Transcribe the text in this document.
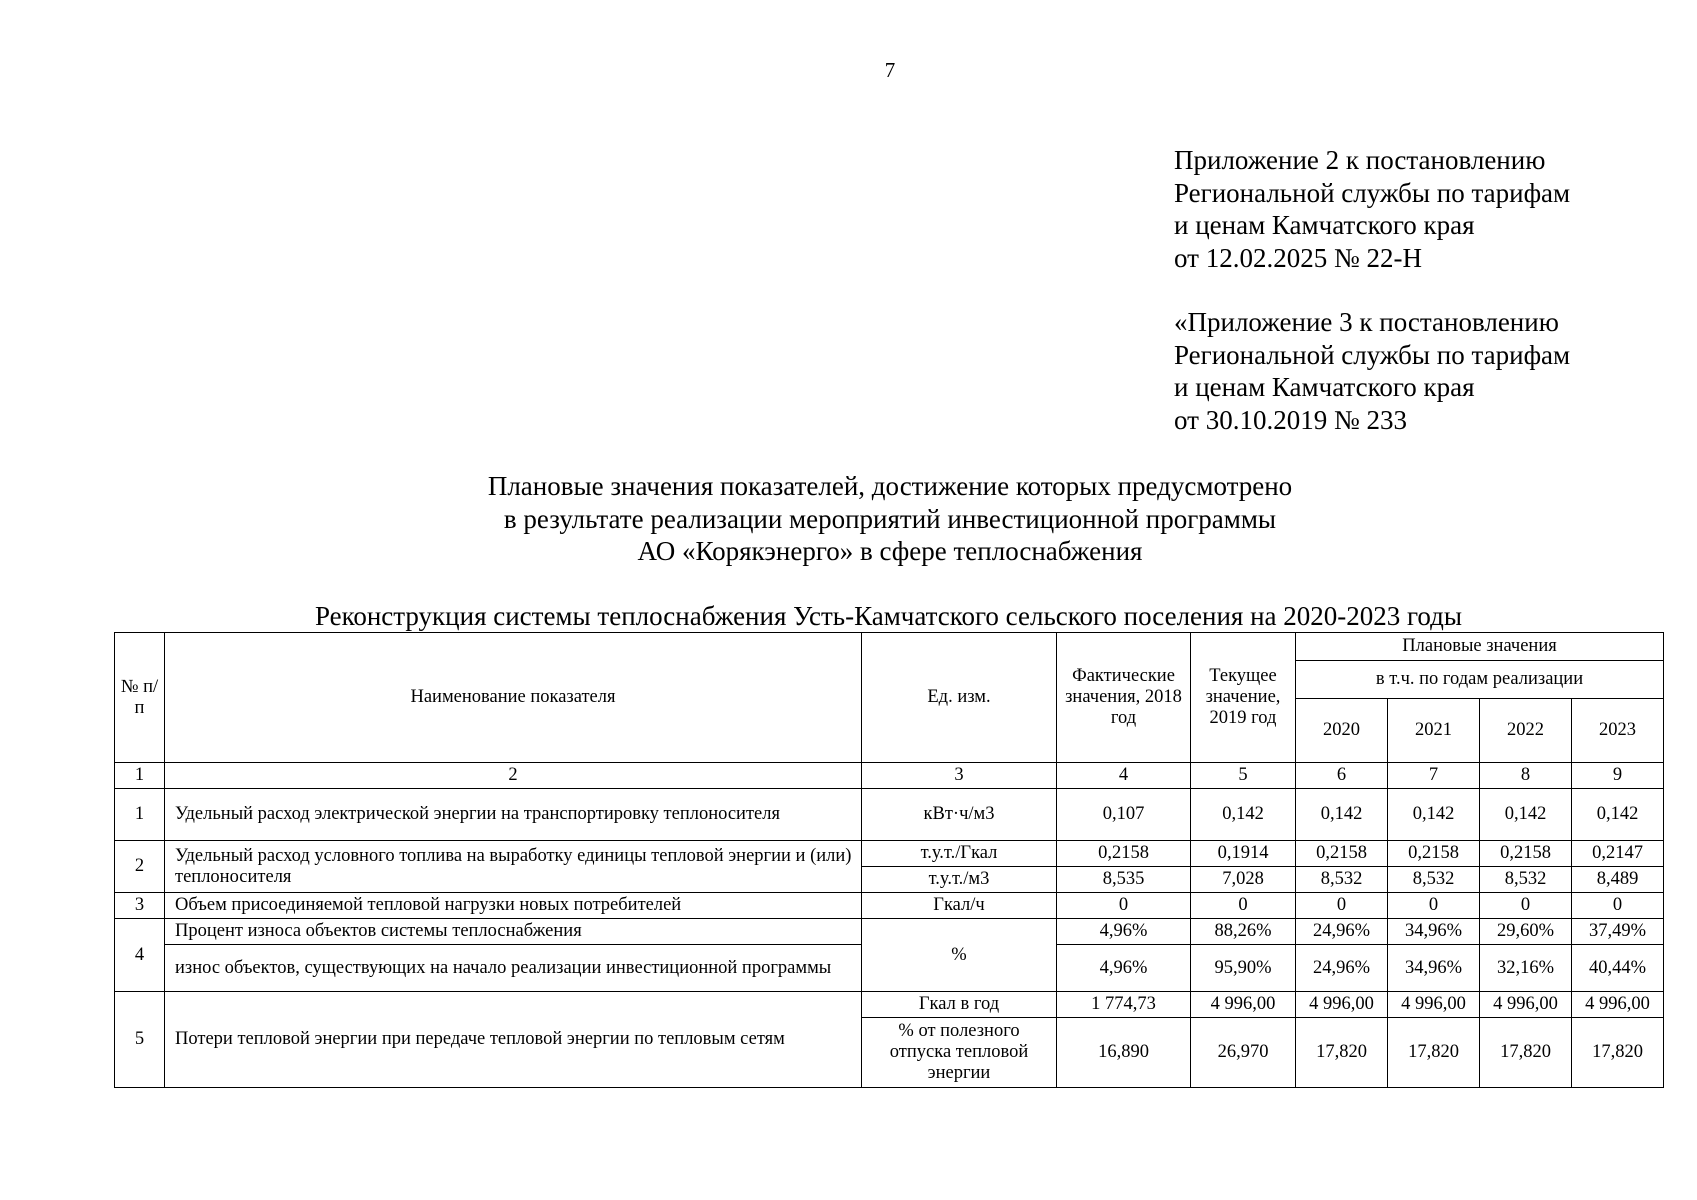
7
Приложение 2 к постановлению
Региональной службы по тарифам
и ценам Камчатского края
от 12.02.2025 № 22-Н
«Приложение 3 к постановлению
Региональной службы по тарифам
и ценам Камчатского края
от 30.10.2019 № 233
Плановые значения показателей, достижение которых предусмотрено
в результате реализации мероприятий инвестиционной программы
АО «Корякэнерго» в сфере теплоснабжения
Реконструкция системы теплоснабжения Усть-Камчатского сельского поселения на 2020-2023 годы
№ п/п	Наименование показателя	Ед. изм.	Фактические значения, 2018 год	Текущее значение, 2019 год	Плановые значения			
					в т.ч. по годам реализации			
					2020	2021	2022	2023
1	2	3	4	5	6	7	8	9
1	Удельный расход электрической энергии на транспортировку теплоносителя	кВт·ч/м3	0,107	0,142	0,142	0,142	0,142	0,142
2	Удельный расход условного топлива на выработку единицы тепловой энергии и (или) теплоносителя	т.у.т./Гкал	0,2158	0,1914	0,2158	0,2158	0,2158	0,2147
		т.у.т./м3	8,535	7,028	8,532	8,532	8,532	8,489
3	Объем присоединяемой тепловой нагрузки новых потребителей	Гкал/ч	0	0	0	0	0	0
4	Процент износа объектов системы теплоснабжения	%	4,96%	88,26%	24,96%	34,96%	29,60%	37,49%
	износ объектов, существующих на начало реализации инвестиционной программы		4,96%	95,90%	24,96%	34,96%	32,16%	40,44%
5	Потери тепловой энергии при передаче тепловой энергии по тепловым сетям	Гкал в год	1 774,73	4 996,00	4 996,00	4 996,00	4 996,00	4 996,00
		% от полезного отпуска тепловой энергии	16,890	26,970	17,820	17,820	17,820	17,820
